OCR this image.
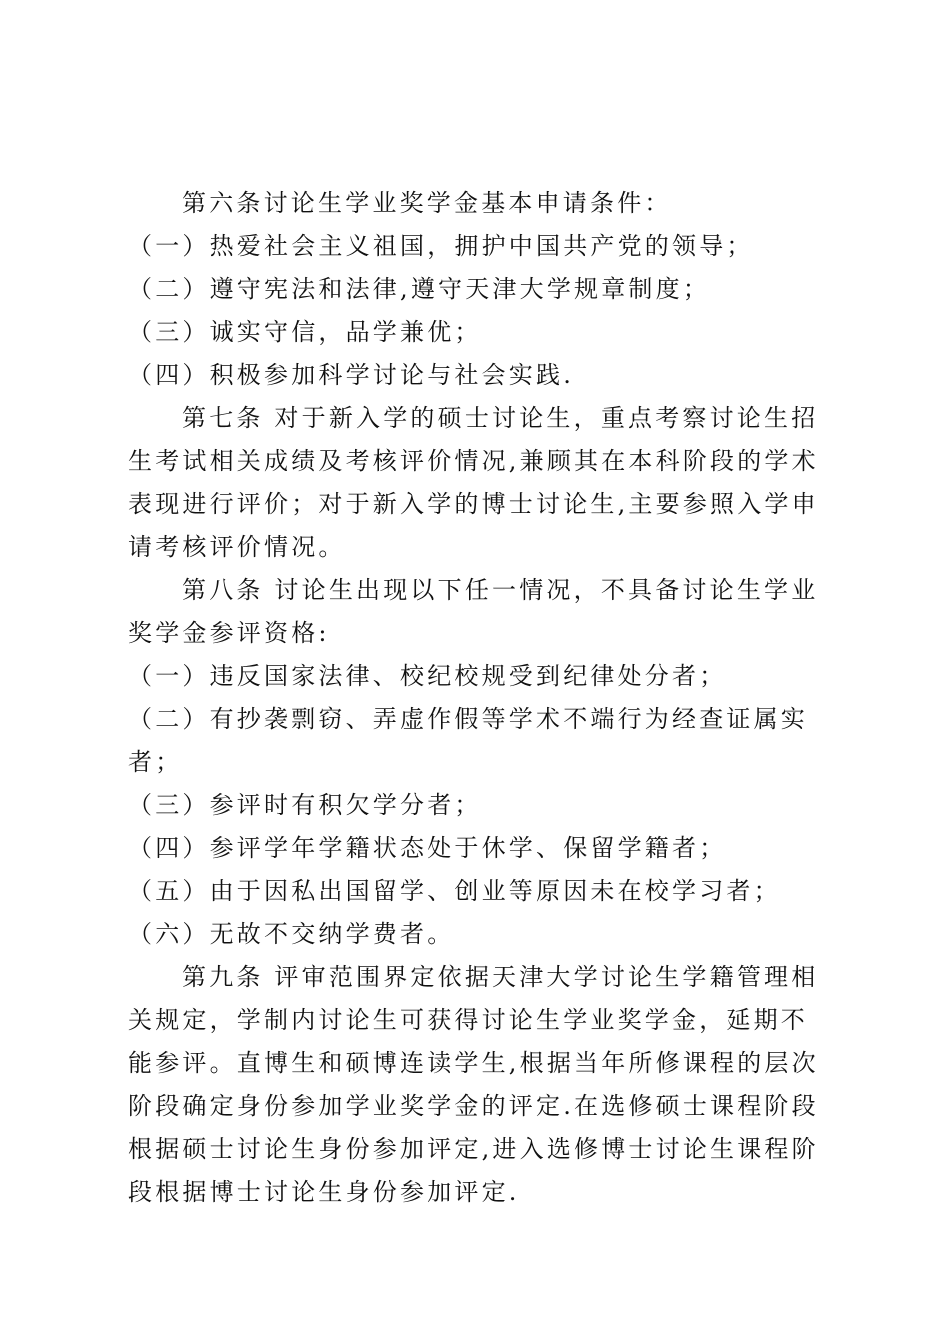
第六条讨论生学业奖学金基本申请条件：

（一）热爱社会主义祖国，拥护中国共产党的领导；

（二）遵守宪法和法律,遵守天津大学规章制度；

（三）诚实守信，品学兼优；

（四）积极参加科学讨论与社会实践.

第七条 对于新入学的硕士讨论生，重点考察讨论生招生考试相关成绩及考核评价情况,兼顾其在本科阶段的学术表现进行评价；对于新入学的博士讨论生,主要参照入学申请考核评价情况。

第八条 讨论生出现以下任一情况，不具备讨论生学业奖学金参评资格:

（一）违反国家法律、校纪校规受到纪律处分者；

（二）有抄袭剽窃、弄虚作假等学术不端行为经查证属实者；

（三）参评时有积欠学分者；

（四）参评学年学籍状态处于休学、保留学籍者；

（五）由于因私出国留学、创业等原因未在校学习者；

（六）无故不交纳学费者。

第九条 评审范围界定依据天津大学讨论生学籍管理相关规定，学制内讨论生可获得讨论生学业奖学金，延期不能参评。直博生和硕博连读学生,根据当年所修课程的层次阶段确定身份参加学业奖学金的评定.在选修硕士课程阶段根据硕士讨论生身份参加评定,进入选修博士讨论生课程阶段根据博士讨论生身份参加评定.
